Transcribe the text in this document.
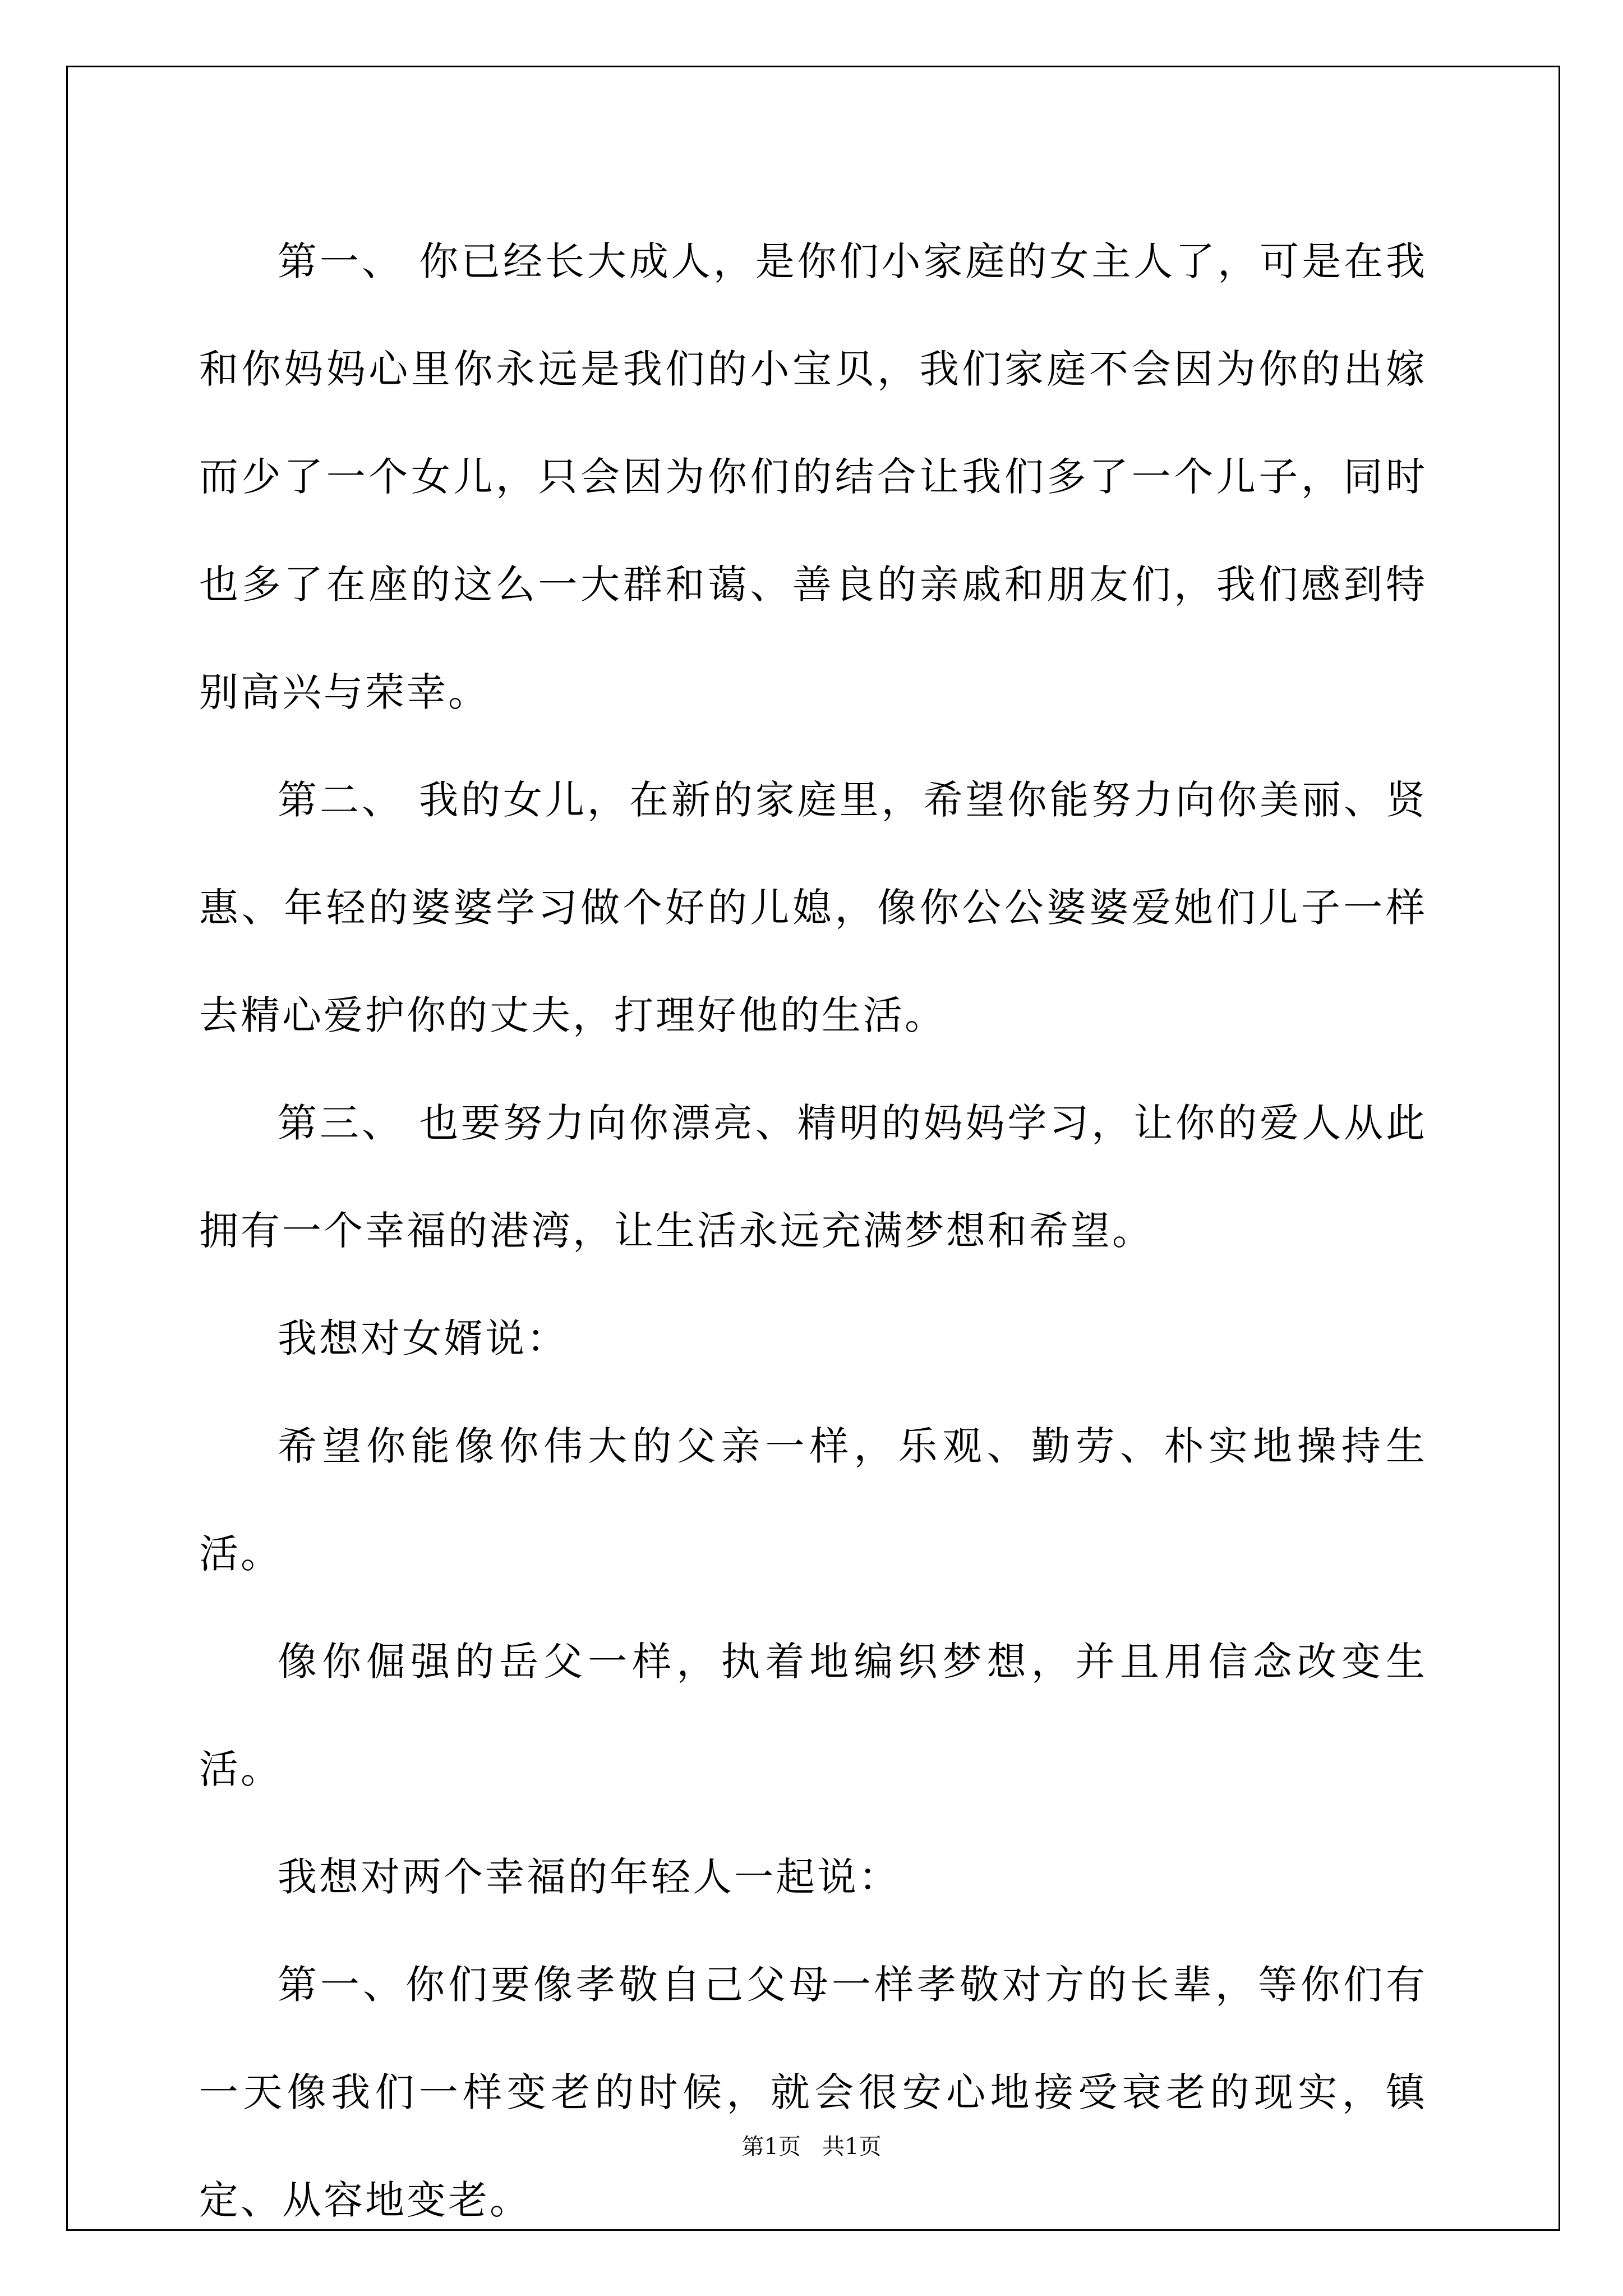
第一、 你已经长大成人，是你们小家庭的女主人了，可是在我和你妈妈心里你永远是我们的小宝贝，我们家庭不会因为你的出嫁而少了一个女儿，只会因为你们的结合让我们多了一个儿子，同时也多了在座的这么一大群和蔼、善良的亲戚和朋友们，我们感到特别高兴与荣幸。

第二、 我的女儿，在新的家庭里，希望你能努力向你美丽、贤惠、年轻的婆婆学习做个好的儿媳，像你公公婆婆爱她们儿子一样去精心爱护你的丈夫，打理好他的生活。

第三、 也要努力向你漂亮、精明的妈妈学习，让你的爱人从此拥有一个幸福的港湾，让生活永远充满梦想和希望。

我想对女婿说：

希望你能像你伟大的父亲一样，乐观、勤劳、朴实地操持生活。

像你倔强的岳父一样，执着地编织梦想，并且用信念改变生活。

我想对两个幸福的年轻人一起说：

第一、你们要像孝敬自己父母一样孝敬对方的长辈，等你们有一天像我们一样变老的时候，就会很安心地接受衰老的现实，镇定、从容地变老。

第1页   共1页
